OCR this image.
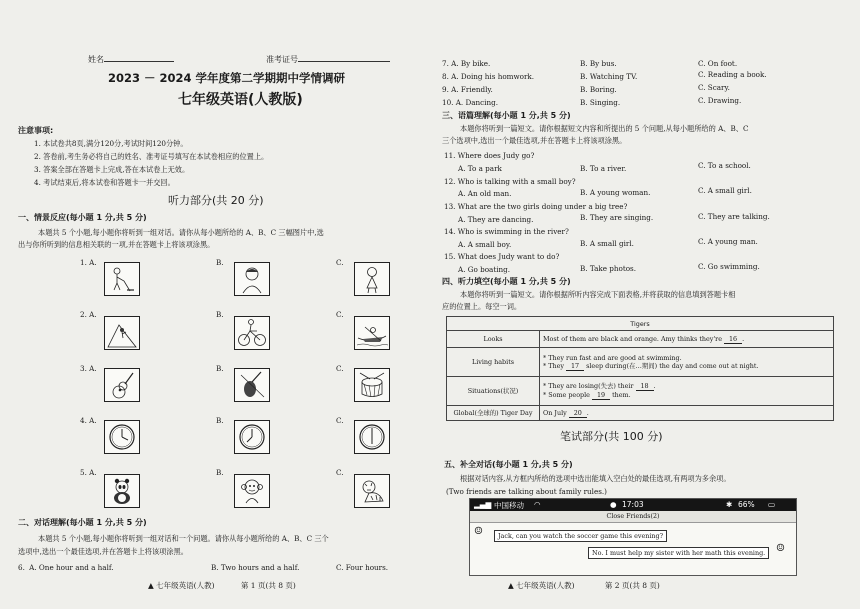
姓名	准考证号
2023 － 2024 学年度第二学期期中学情调研
七年级英语(人教版)
注意事项:
1. 本试卷共8页,满分120分,考试时间120分钟。
2. 答卷前,考生务必将自己的姓名、准考证号填写在本试卷相应的位置上。
3. 答案全部在答题卡上完成,答在本试卷上无效。
4. 考试结束后,将本试卷和答题卡一并交回。
听力部分(共 20 分)
一、情景反应(每小题 1 分,共 5 分)
本题共 5 个小题,每小题你将听到一组对话。请你从每小题所给的 A、B、C 三幅图片中,选
出与你所听到的信息相关联的一项,并在答题卡上将该项涂黑。
1. A.	B.	C.
2. A.	B.	C.
3. A.	B.	C.
4. A.	B.	C.
5. A.	B.	C.
二、对话理解(每小题 1 分,共 5 分)
本题共 5 个小题,每小题你将听到一组对话和一个问题。请你从每小题所给的 A、B、C 三个
选项中,选出一个最佳选项,并在答题卡上将该项涂黑。
6. A. One hour and a half.	B. Two hours and a half.	C. Four hours.
▲ 七年级英语(人教)	第 1 页(共 8 页)
7. A. By bike.	B. By bus.	C. On foot.
8. A. Doing his homwork.	B. Watching TV.	C. Reading a book.
9. A. Friendly.	B. Boring.	C. Scary.
10. A. Dancing.	B. Singing.	C. Drawing.
三、语篇理解(每小题 1 分,共 5 分)
本题你将听到一篇短文。请你根据短文内容和所提出的 5 个问题,从每小题所给的 A、B、C
三个选项中,选出一个最佳选项,并在答题卡上将该项涂黑。
11. Where does Judy go?
A. To a park	B. To a river.	C. To a school.
12. Who is talking with a small boy?
A. An old man.	B. A young woman.	C. A small girl.
13. What are the two girls doing under a big tree?
A. They are dancing.	B. They are singing.	C. They are talking.
14. Who is swimming in the river?
A. A small boy.	B. A small girl.	C. A young man.
15. What does Judy want to do?
A. Go boating.	B. Take photos.	C. Go swimming.
四、听力填空(每小题 1 分,共 5 分)
本题你将听到一篇短文。请你根据所听内容完成下面表格,并将获取的信息填到答题卡相
应的位置上。每空一词。
Tigers	
Looks	Most of them are black and orange. Amy thinks they're 16 .
Living habits	* They run fast and are good at swimming.
* They 17 sleep during(在…期间) the day and come out at night.

Situations(状况)	* They are losing(失去) their 18 .
* Some people 19 them.

Global(全球的) Tiger Day	On July 20 .
笔试部分(共 100 分)
五、补全对话(每小题 1 分,共 5 分)
根据对话内容,从方框内所给的选项中选出能填入空白处的最佳选项,有两项为多余项。
(Two friends are talking about family rules.)
▲ 七年级英语(人教)	第 2 页(共 8 页)
▂▄▆ 中国移动 ◠	● 17:03	✱ 66% ▭
Close Friends(2)
☺	Jack, can you watch the soccer game this evening?
No. I must help my sister with her math this evening.	☺
